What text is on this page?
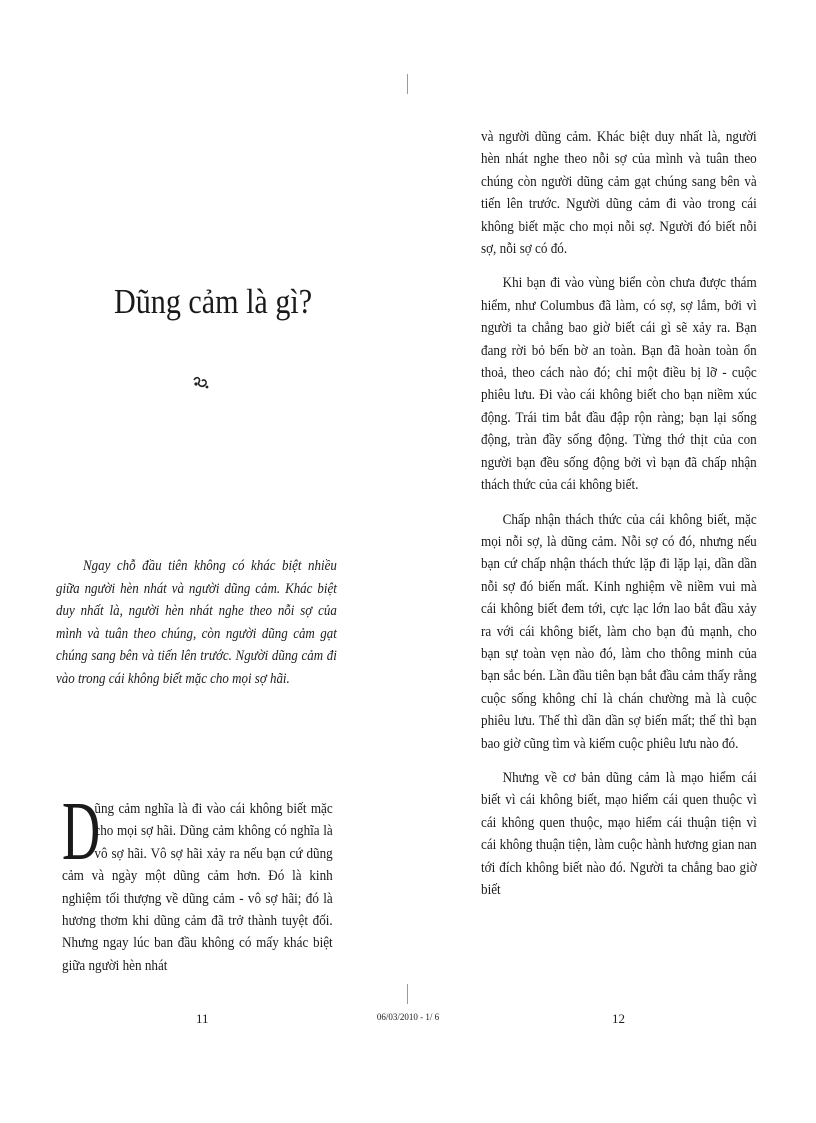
Dũng cảm là gì?

Ngay chỗ đầu tiên không có khác biệt nhiều giữa người hèn nhát và người dũng cảm. Khác biệt duy nhất là, người hèn nhát nghe theo nỗi sợ của mình và tuân theo chúng, còn người dũng cảm gạt chúng sang bên và tiến lên trước. Người dũng cảm đi vào trong cái không biết mặc cho mọi sợ hãi.

D
ũng cảm nghĩa là đi vào cái không biết mặc cho mọi sợ hãi. Dũng cảm không có nghĩa là vô sợ hãi. Vô sợ hãi xảy ra nếu bạn cứ dũng cảm và ngày một dũng cảm hơn. Đó là kinh nghiệm tối thượng về dũng cảm - vô sợ hãi; đó là hương thơm khi dũng cảm đã trở thành tuyệt đối. Nhưng ngay lúc ban đầu không có mấy khác biệt giữa người hèn nhát

11

và người dũng cảm. Khác biệt duy nhất là, người hèn nhát nghe theo nỗi sợ của mình và tuân theo chúng còn người dũng cảm gạt chúng sang bên và tiến lên trước. Người dũng cảm đi vào trong cái không biết mặc cho mọi nỗi sợ. Người đó biết nỗi sợ, nỗi sợ có đó.

Khi bạn đi vào vùng biển còn chưa được thám hiểm, như Columbus đã làm, có sợ, sợ lắm, bởi vì người ta chẳng bao giờ biết cái gì sẽ xảy ra. Bạn đang rời bỏ bến bờ an toàn. Bạn đã hoàn toàn ổn thoả, theo cách nào đó; chỉ một điều bị lỡ - cuộc phiêu lưu. Đi vào cái không biết cho bạn niềm xúc động. Trái tim bắt đầu đập rộn ràng; bạn lại sống động, tràn đầy sống động. Từng thớ thịt của con người bạn đều sống động bởi vì bạn đã chấp nhận thách thức của cái không biết.

Chấp nhận thách thức của cái không biết, mặc mọi nỗi sợ, là dũng cảm. Nỗi sợ có đó, nhưng nếu bạn cứ chấp nhận thách thức lặp đi lặp lại, dần dần nỗi sợ đó biến mất. Kinh nghiệm về niềm vui mà cái không biết đem tới, cực lạc lớn lao bắt đầu xảy ra với cái không biết, làm cho bạn đủ mạnh, cho bạn sự toàn vẹn nào đó, làm cho thông minh của bạn sắc bén. Lần đầu tiên bạn bắt đầu cảm thấy rằng cuộc sống không chỉ là chán chường mà là cuộc phiêu lưu. Thế thì dần dần sợ biến mất; thế thì bạn bao giờ cũng tìm và kiếm cuộc phiêu lưu nào đó.

Nhưng về cơ bản dũng cảm là mạo hiểm cái biết vì cái không biết, mạo hiểm cái quen thuộc vì cái không quen thuộc, mạo hiểm cái thuận tiện vì cái không thuận tiện, làm cuộc hành hương gian nan tới đích không biết nào đó. Người ta chẳng bao giờ biết

12
06/03/2010 - 1/ 6
